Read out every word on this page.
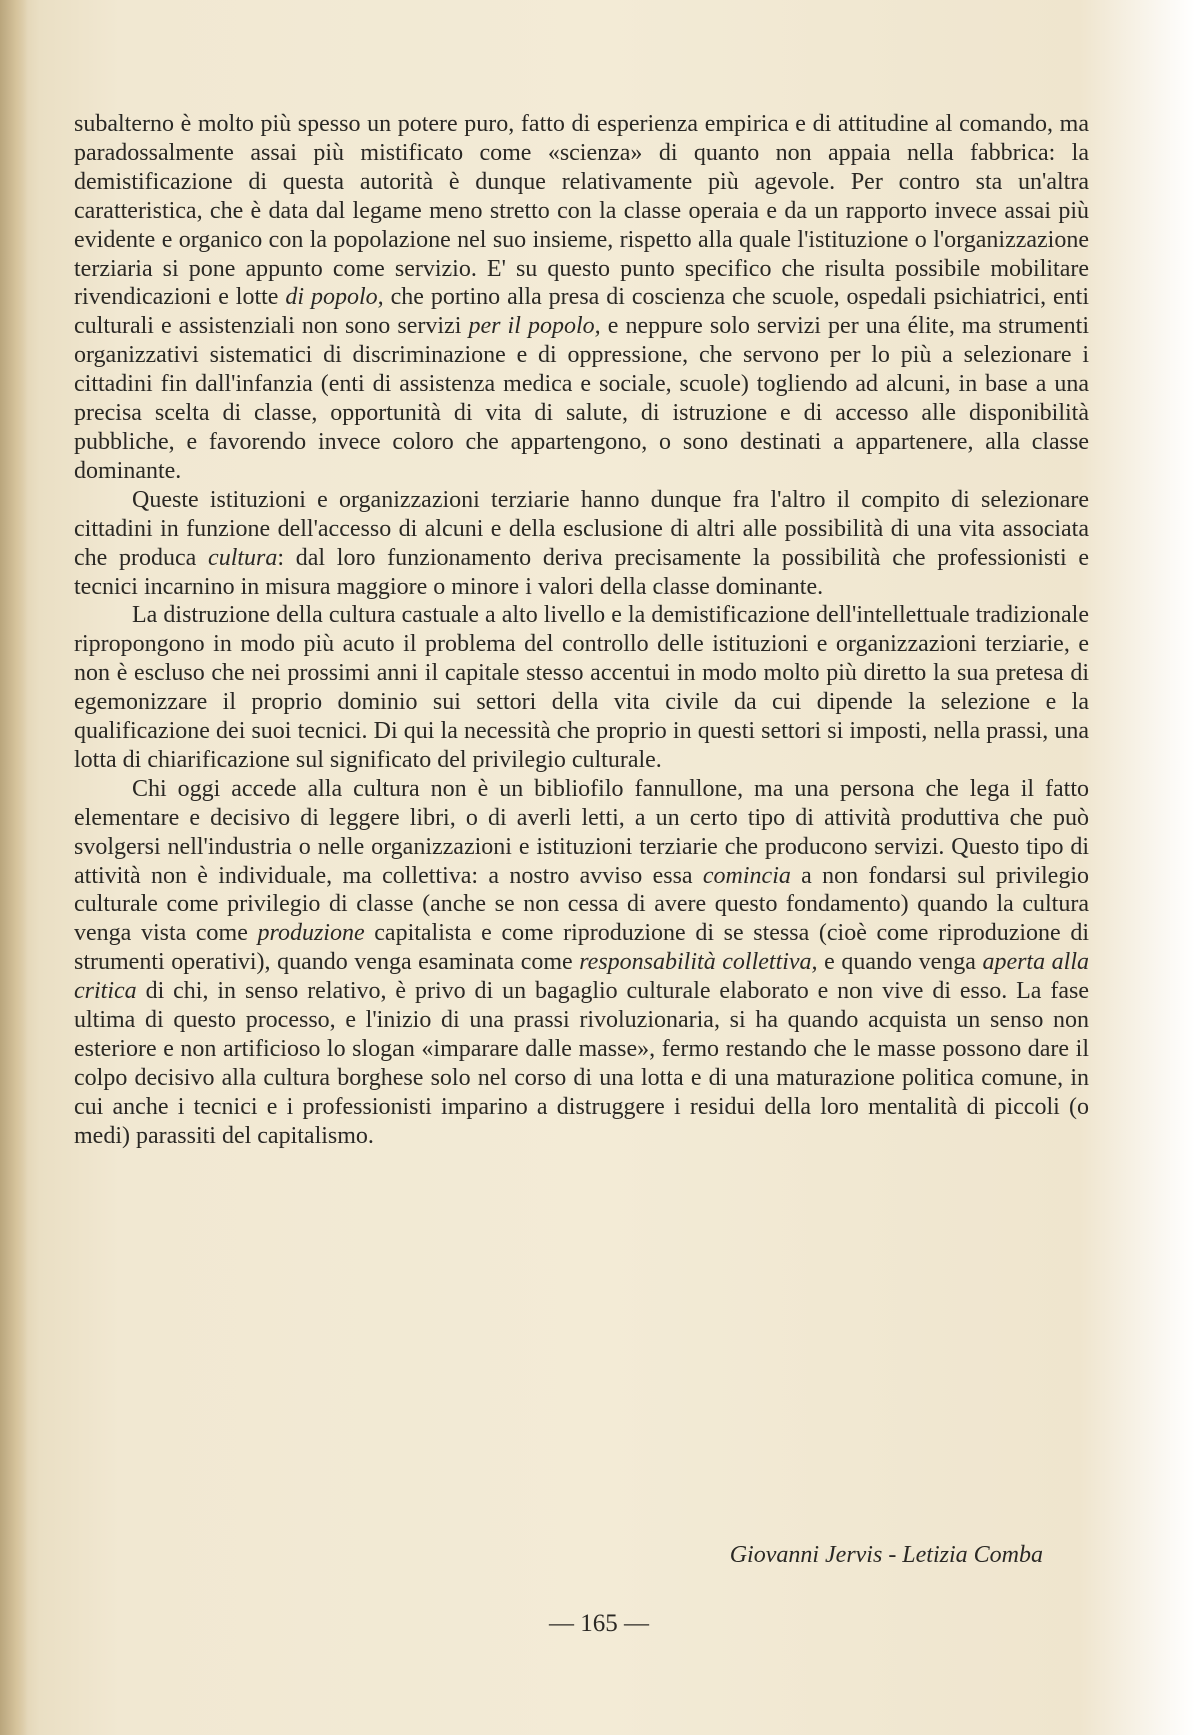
subalterno è molto più spesso un potere puro, fatto di esperienza empirica e di attitudine al comando, ma paradossalmente assai più mistificato come «scienza» di quanto non appaia nella fabbrica: la demistificazione di questa autorità è dunque relativamente più agevole. Per contro sta un'altra caratteristica, che è data dal legame meno stretto con la classe operaia e da un rapporto invece assai più evidente e organico con la popolazione nel suo insieme, rispetto alla quale l'istituzione o l'organizzazione terziaria si pone appunto come servizio. E' su questo punto specifico che risulta possibile mobilitare rivendicazioni e lotte di popolo, che portino alla presa di coscienza che scuole, ospedali psichiatrici, enti culturali e assistenziali non sono servizi per il popolo, e neppure solo servizi per una élite, ma strumenti organizzativi sistematici di discriminazione e di oppressione, che servono per lo più a selezionare i cittadini fin dall'infanzia (enti di assistenza medica e sociale, scuole) togliendo ad alcuni, in base a una precisa scelta di classe, opportunità di vita di salute, di istruzione e di accesso alle disponibilità pubbliche, e favorendo invece coloro che appartengono, o sono destinati a appartenere, alla classe dominante.

Queste istituzioni e organizzazioni terziarie hanno dunque fra l'altro il compito di selezionare cittadini in funzione dell'accesso di alcuni e della esclusione di altri alle possibilità di una vita associata che produca cultura: dal loro funzionamento deriva precisamente la possibilità che professionisti e tecnici incarnino in misura maggiore o minore i valori della classe dominante.

La distruzione della cultura castuale a alto livello e la demistificazione dell'intellettuale tradizionale ripropongono in modo più acuto il problema del controllo delle istituzioni e organizzazioni terziarie, e non è escluso che nei prossimi anni il capitale stesso accentui in modo molto più diretto la sua pretesa di egemonizzare il proprio dominio sui settori della vita civile da cui dipende la selezione e la qualificazione dei suoi tecnici. Di qui la necessità che proprio in questi settori si imposti, nella prassi, una lotta di chiarificazione sul significato del privilegio culturale.

Chi oggi accede alla cultura non è un bibliofilo fannullone, ma una persona che lega il fatto elementare e decisivo di leggere libri, o di averli letti, a un certo tipo di attività produttiva che può svolgersi nell'industria o nelle organizzazioni e istituzioni terziarie che producono servizi. Questo tipo di attività non è individuale, ma collettiva: a nostro avviso essa comincia a non fondarsi sul privilegio culturale come privilegio di classe (anche se non cessa di avere questo fondamento) quando la cultura venga vista come produzione capitalista e come riproduzione di se stessa (cioè come riproduzione di strumenti operativi), quando venga esaminata come responsabilità collettiva, e quando venga aperta alla critica di chi, in senso relativo, è privo di un bagaglio culturale elaborato e non vive di esso. La fase ultima di questo processo, e l'inizio di una prassi rivoluzionaria, si ha quando acquista un senso non esteriore e non artificioso lo slogan «imparare dalle masse», fermo restando che le masse possono dare il colpo decisivo alla cultura borghese solo nel corso di una lotta e di una maturazione politica comune, in cui anche i tecnici e i professionisti imparino a distruggere i residui della loro mentalità di piccoli (o medi) parassiti del capitalismo.

Giovanni Jervis - Letizia Comba
— 165 —
